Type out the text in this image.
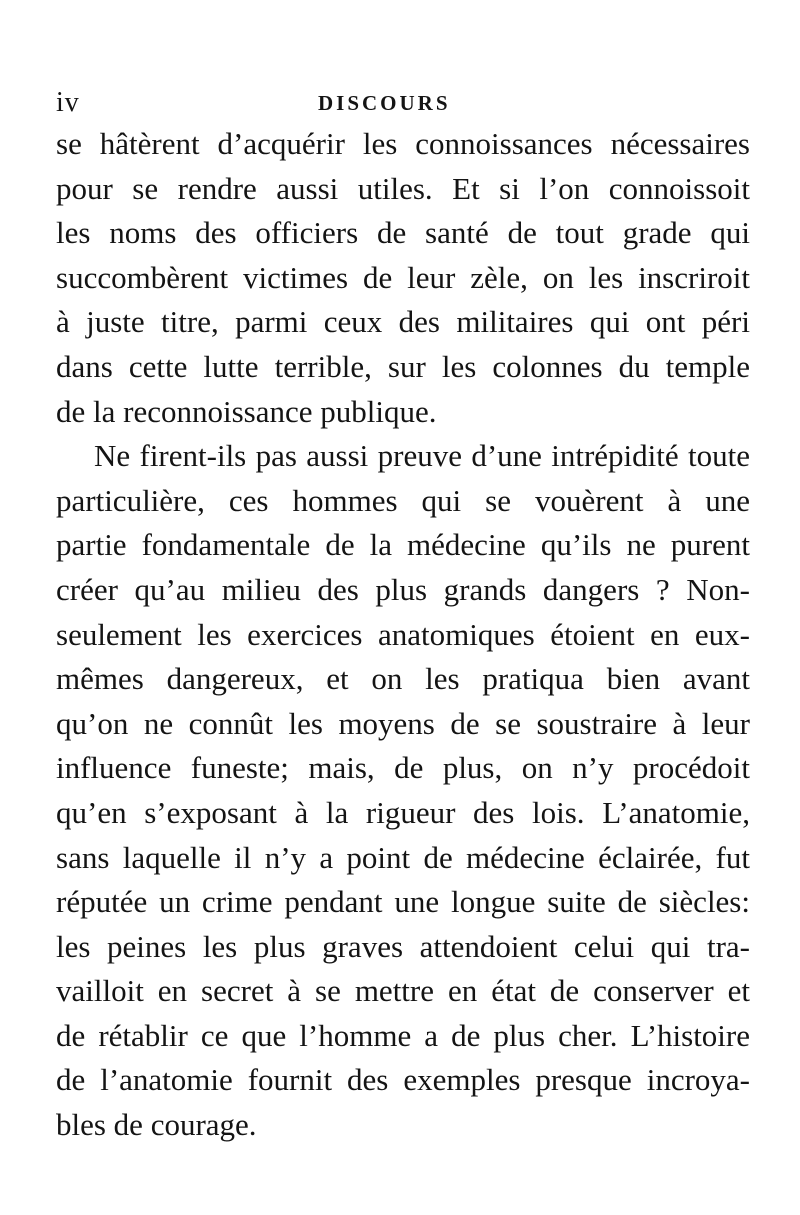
iv	DISCOURS
se hâtèrent d’acquérir les connoissances nécessaires
pour se rendre aussi utiles. Et si l’on connoissoit
les noms des officiers de santé de tout grade qui
succombèrent victimes de leur zèle, on les inscriroit
à juste titre, parmi ceux des militaires qui ont péri
dans cette lutte terrible, sur les colonnes du temple
de la reconnoissance publique.
Ne firent-ils pas aussi preuve d’une intrépidité toute
particulière, ces hommes qui se vouèrent à une
partie fondamentale de la médecine qu’ils ne purent
créer qu’au milieu des plus grands dangers ? Non-
seulement les exercices anatomiques étoient en eux-
mêmes dangereux, et on les pratiqua bien avant
qu’on ne connût les moyens de se soustraire à leur
influence funeste; mais, de plus, on n’y procédoit
qu’en s’exposant à la rigueur des lois. L’anatomie,
sans laquelle il n’y a point de médecine éclairée, fut
réputée un crime pendant une longue suite de siècles:
les peines les plus graves attendoient celui qui tra-
vailloit en secret à se mettre en état de conserver et
de rétablir ce que l’homme a de plus cher. L’histoire
de l’anatomie fournit des exemples presque incroya-
bles de courage.
